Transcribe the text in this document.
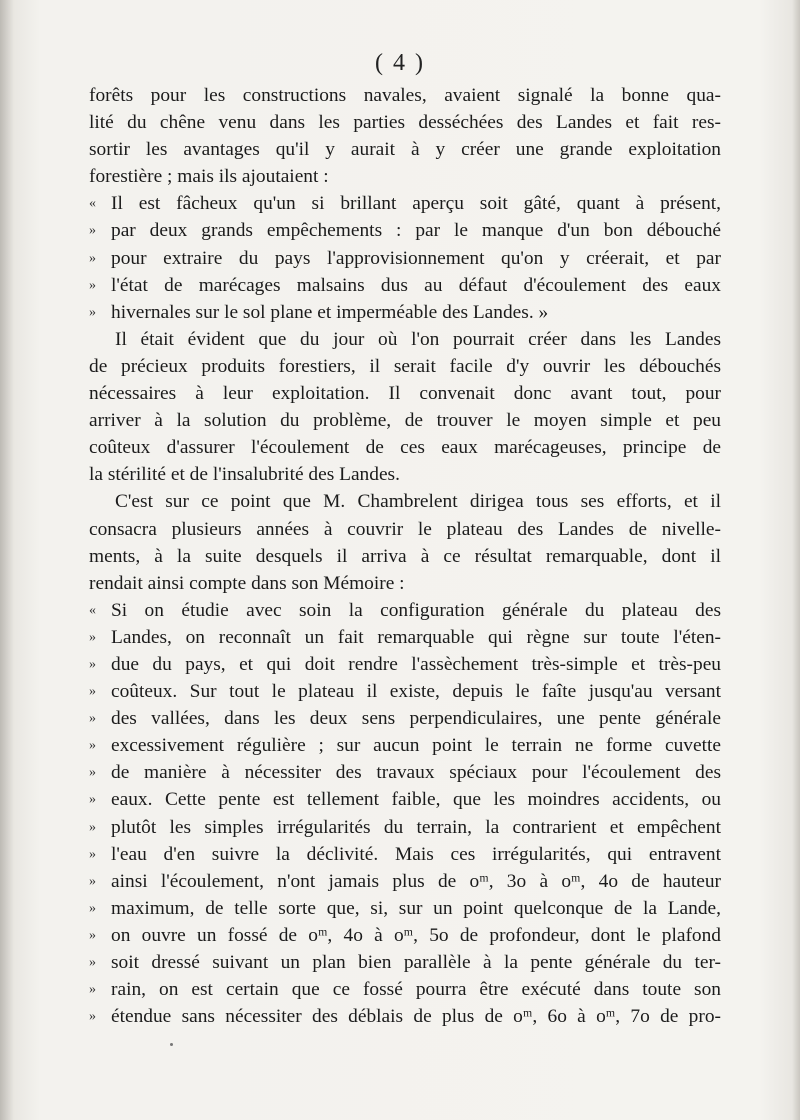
( 4 )
forêts pour les constructions navales, avaient signalé la bonne qua-
lité du chêne venu dans les parties desséchées des Landes et fait res-
sortir les avantages qu'il y aurait à y créer une grande exploitation
forestière ; mais ils ajoutaient :
« Il est fâcheux qu'un si brillant aperçu soit gâté, quant à présent,
» par deux grands empêchements : par le manque d'un bon débouché
» pour extraire du pays l'approvisionnement qu'on y créerait, et par
» l'état de marécages malsains dus au défaut d'écoulement des eaux
» hivernales sur le sol plane et imperméable des Landes. »
Il était évident que du jour où l'on pourrait créer dans les Landes
de précieux produits forestiers, il serait facile d'y ouvrir les débouchés
nécessaires à leur exploitation. Il convenait donc avant tout, pour
arriver à la solution du problème, de trouver le moyen simple et peu
coûteux d'assurer l'écoulement de ces eaux marécageuses, principe de
la stérilité et de l'insalubrité des Landes.
C'est sur ce point que M. Chambrelent dirigea tous ses efforts, et il
consacra plusieurs années à couvrir le plateau des Landes de nivelle-
ments, à la suite desquels il arriva à ce résultat remarquable, dont il
rendait ainsi compte dans son Mémoire :
« Si on étudie avec soin la configuration générale du plateau des
» Landes, on reconnaît un fait remarquable qui règne sur toute l'éten-
» due du pays, et qui doit rendre l'assèchement très-simple et très-peu
» coûteux. Sur tout le plateau il existe, depuis le faîte jusqu'au versant
» des vallées, dans les deux sens perpendiculaires, une pente générale
» excessivement régulière ; sur aucun point le terrain ne forme cuvette
» de manière à nécessiter des travaux spéciaux pour l'écoulement des
» eaux. Cette pente est tellement faible, que les moindres accidents, ou
» plutôt les simples irrégularités du terrain, la contrarient et empêchent
» l'eau d'en suivre la déclivité. Mais ces irrégularités, qui entravent
» ainsi l'écoulement, n'ont jamais plus de oᵐ, 3o à oᵐ, 4o de hauteur
» maximum, de telle sorte que, si, sur un point quelconque de la Lande,
» on ouvre un fossé de oᵐ, 4o à oᵐ, 5o de profondeur, dont le plafond
» soit dressé suivant un plan bien parallèle à la pente générale du ter-
» rain, on est certain que ce fossé pourra être exécuté dans toute son
» étendue sans nécessiter des déblais de plus de oᵐ, 6o à oᵐ, 7o de pro-
